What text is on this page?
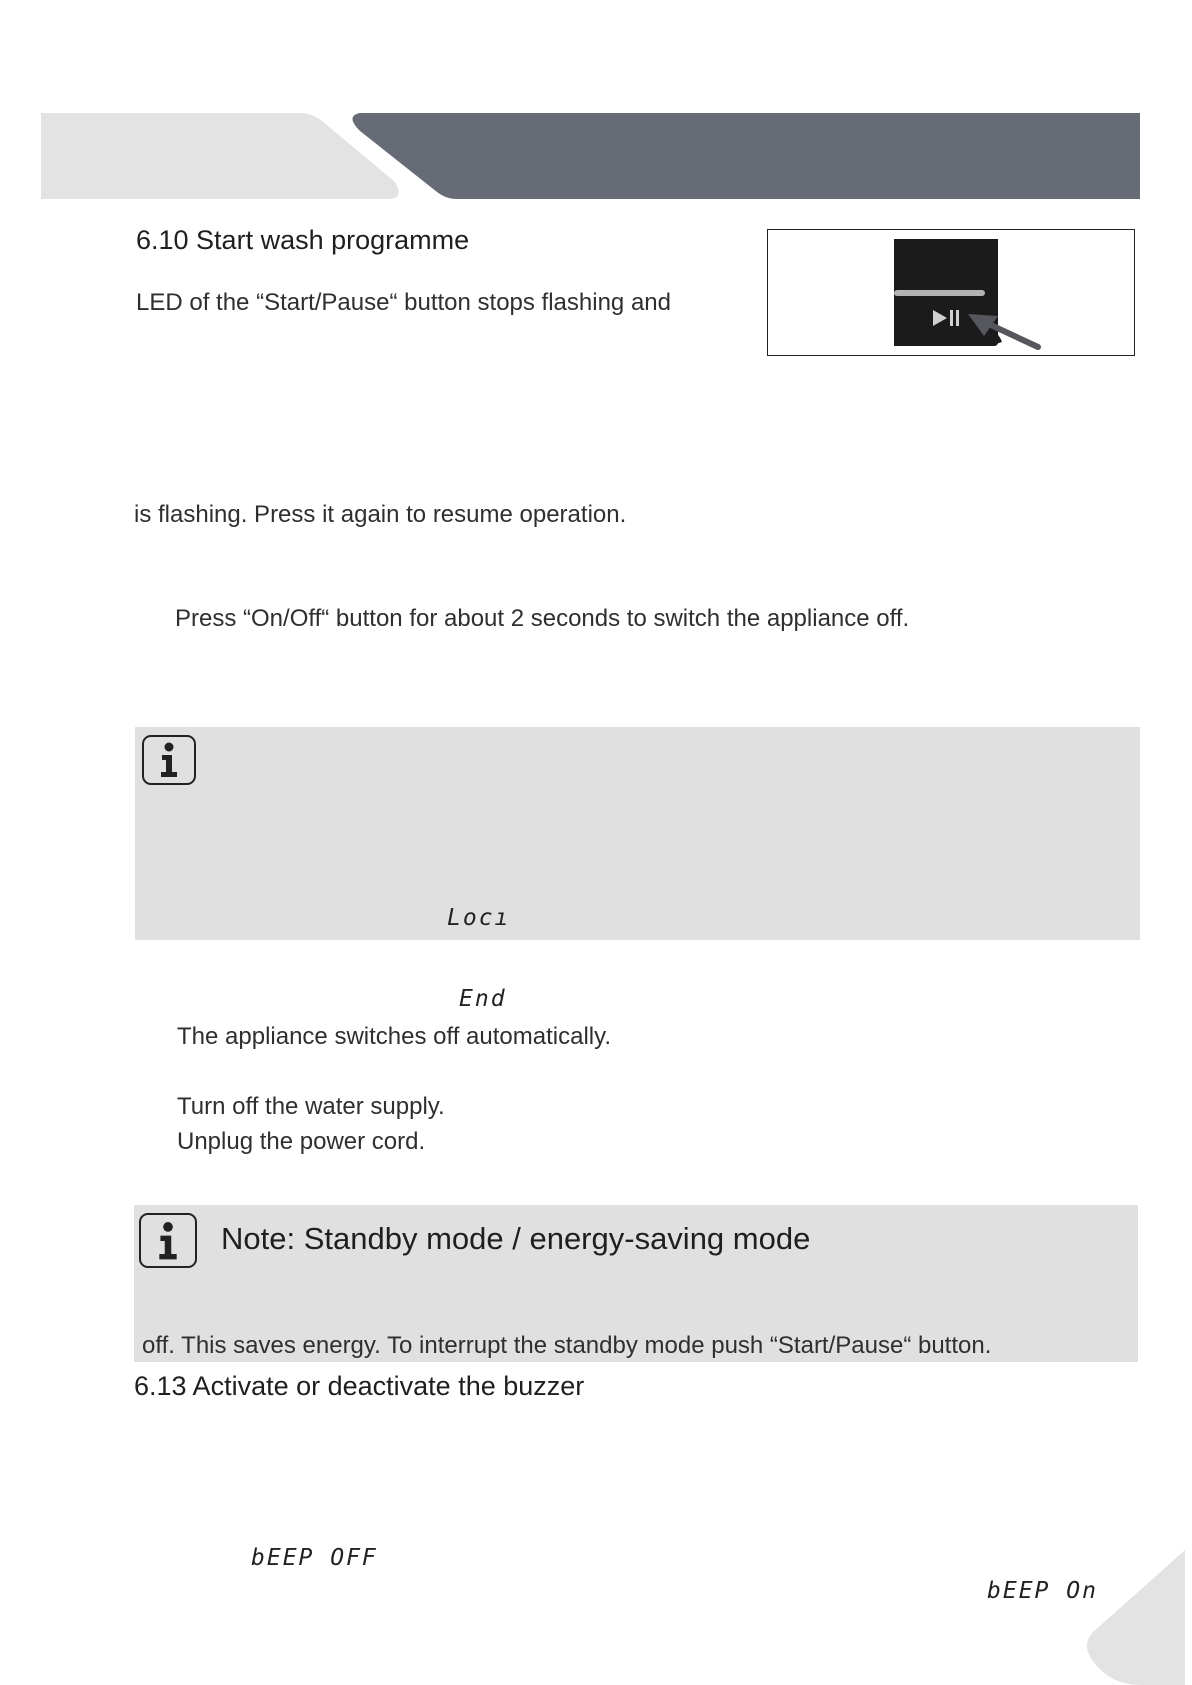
6.10 Start wash programme
LED of the “Start/Pause“ button stops flashing and
is flashing. Press it again to resume operation.
Press “On/Off“ button for about 2 seconds to switch the appliance off.
Locı
End
The appliance switches off automatically.
Turn off the water supply.
Unplug the power cord.
Note: Standby mode / energy-saving mode
off. This saves energy. To interrupt the standby mode push “Start/Pause“ button.
6.13 Activate or deactivate the buzzer
bEEP OFF
bEEP On
